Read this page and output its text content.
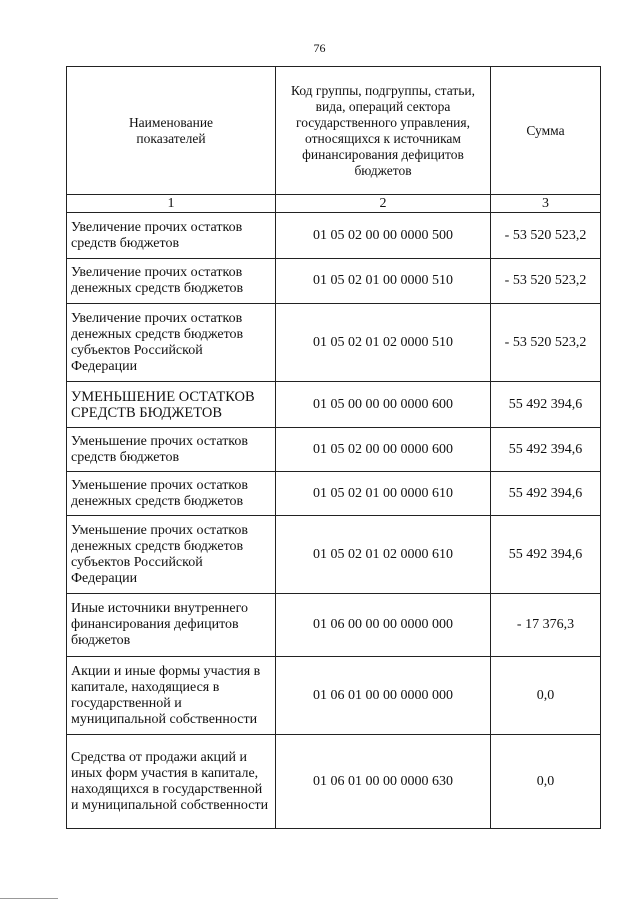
76
Наименование показателей	Код группы, подгруппы, статьи, вида, операций сектора государственного управления, относящихся к источникам финансирования дефицитов бюджетов	Сумма
1	2	3
Увеличение прочих остатков средств бюджетов	01 05 02 00 00 0000 500	- 53 520 523,2
Увеличение прочих остатков денежных средств бюджетов	01 05 02 01 00 0000 510	- 53 520 523,2
Увеличение прочих остатков денежных средств бюджетов субъектов Российской Федерации	01 05 02 01 02 0000 510	- 53 520 523,2
УМЕНЬШЕНИЕ ОСТАТКОВ СРЕДСТВ БЮДЖЕТОВ	01 05 00 00 00 0000 600	55 492 394,6
Уменьшение прочих остатков средств бюджетов	01 05 02 00 00 0000 600	55 492 394,6
Уменьшение прочих остатков денежных средств бюджетов	01 05 02 01 00 0000 610	55 492 394,6
Уменьшение прочих остатков денежных средств бюджетов субъектов Российской Федерации	01 05 02 01 02 0000 610	55 492 394,6
Иные источники внутреннего финансирования дефицитов бюджетов	01 06 00 00 00 0000 000	- 17 376,3
Акции и иные формы участия в капитале, находящиеся в государственной и муниципальной собственности	01 06 01 00 00 0000 000	0,0
Средства от продажи акций и иных форм участия в капитале, находящихся в государственной и муниципальной собственности	01 06 01 00 00 0000 630	0,0
